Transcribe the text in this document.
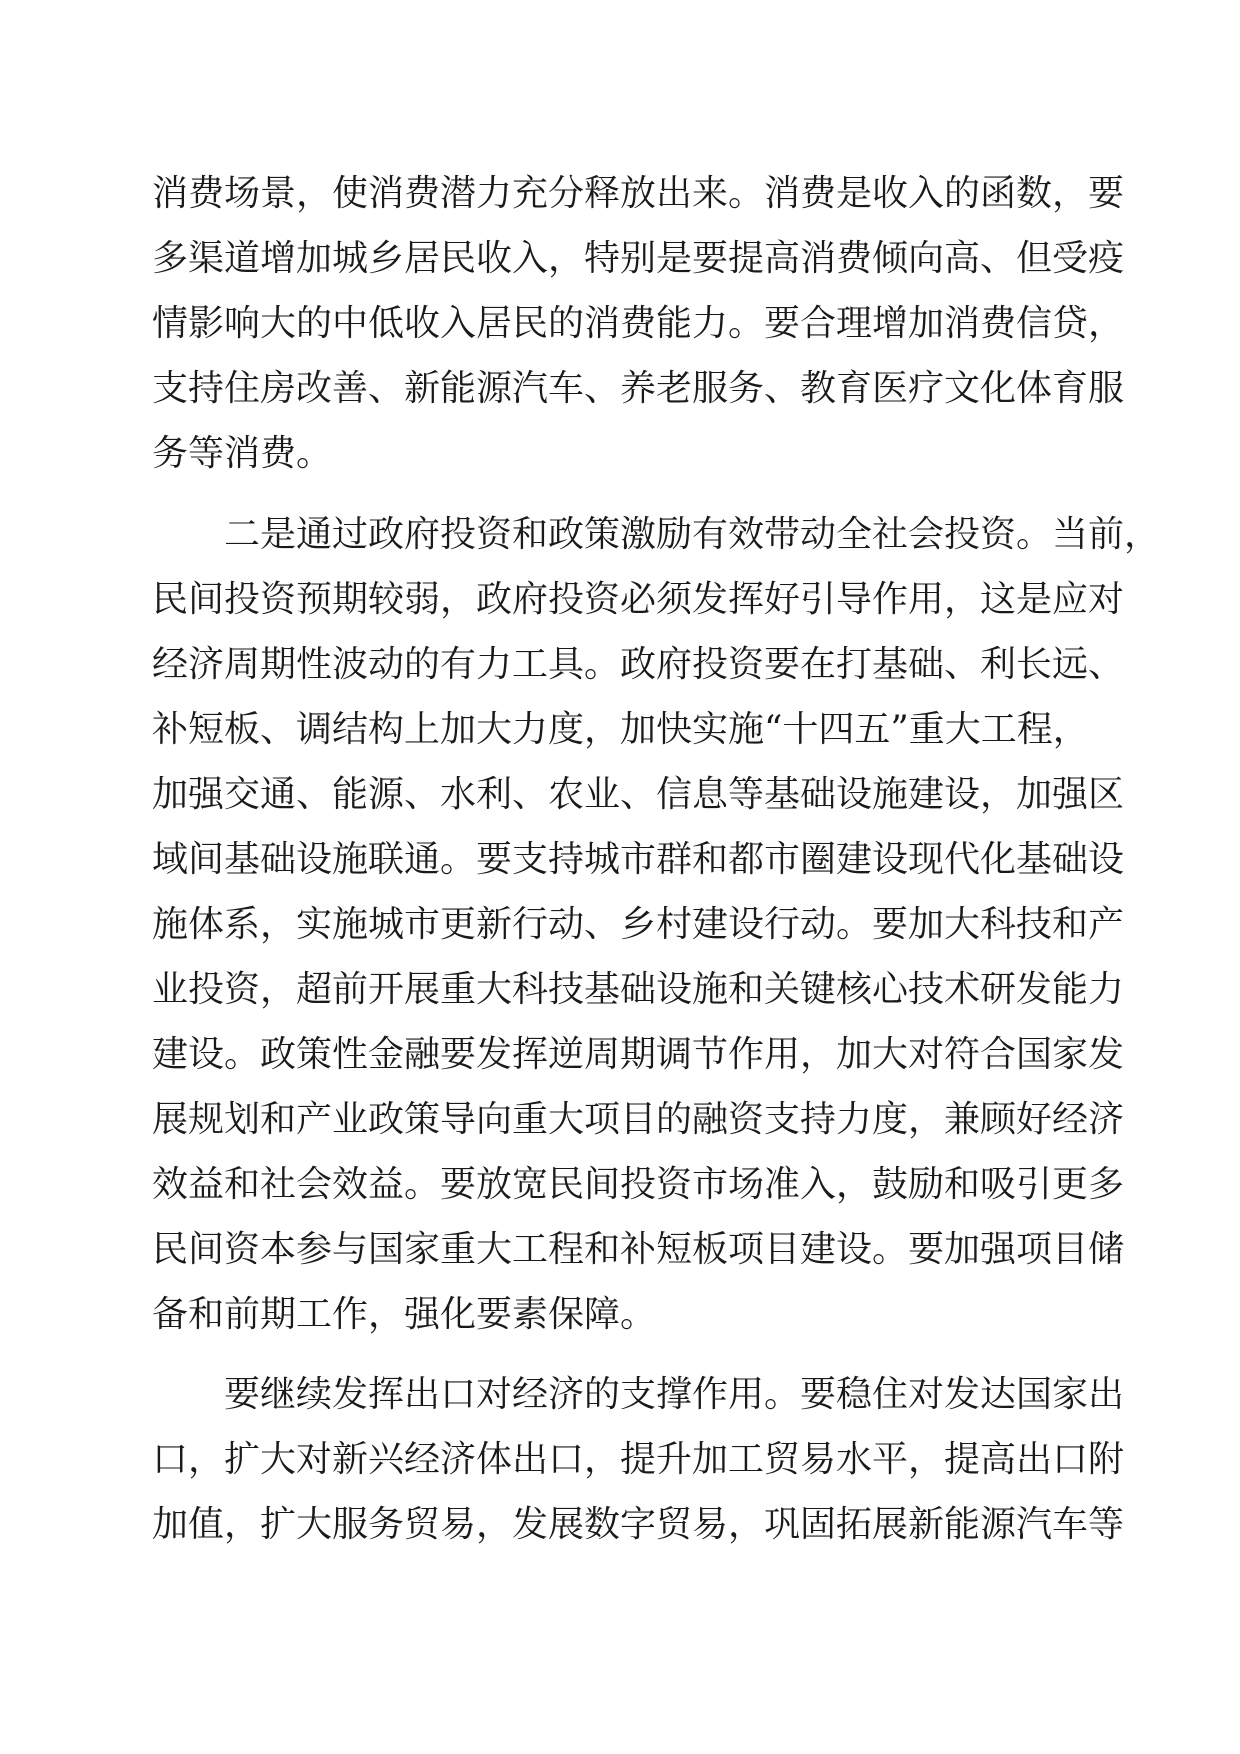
消费场景，使消费潜力充分释放出来。消费是收入的函数，要

多渠道增加城乡居民收入，特别是要提高消费倾向高、但受疫

情影响大的中低收入居民的消费能力。要合理增加消费信贷，

支持住房改善、新能源汽车、养老服务、教育医疗文化体育服

务等消费。

二是通过政府投资和政策激励有效带动全社会投资。当前，

民间投资预期较弱，政府投资必须发挥好引导作用，这是应对

经济周期性波动的有力工具。政府投资要在打基础、利长远、

补短板、调结构上加大力度，加快实施“十四五”重大工程，

加强交通、能源、水利、农业、信息等基础设施建设，加强区

域间基础设施联通。要支持城市群和都市圈建设现代化基础设

施体系，实施城市更新行动、乡村建设行动。要加大科技和产

业投资，超前开展重大科技基础设施和关键核心技术研发能力

建设。政策性金融要发挥逆周期调节作用，加大对符合国家发

展规划和产业政策导向重大项目的融资支持力度，兼顾好经济

效益和社会效益。要放宽民间投资市场准入，鼓励和吸引更多

民间资本参与国家重大工程和补短板项目建设。要加强项目储

备和前期工作，强化要素保障。

要继续发挥出口对经济的支撑作用。要稳住对发达国家出

口，扩大对新兴经济体出口，提升加工贸易水平，提高出口附

加值，扩大服务贸易，发展数字贸易，巩固拓展新能源汽车等
